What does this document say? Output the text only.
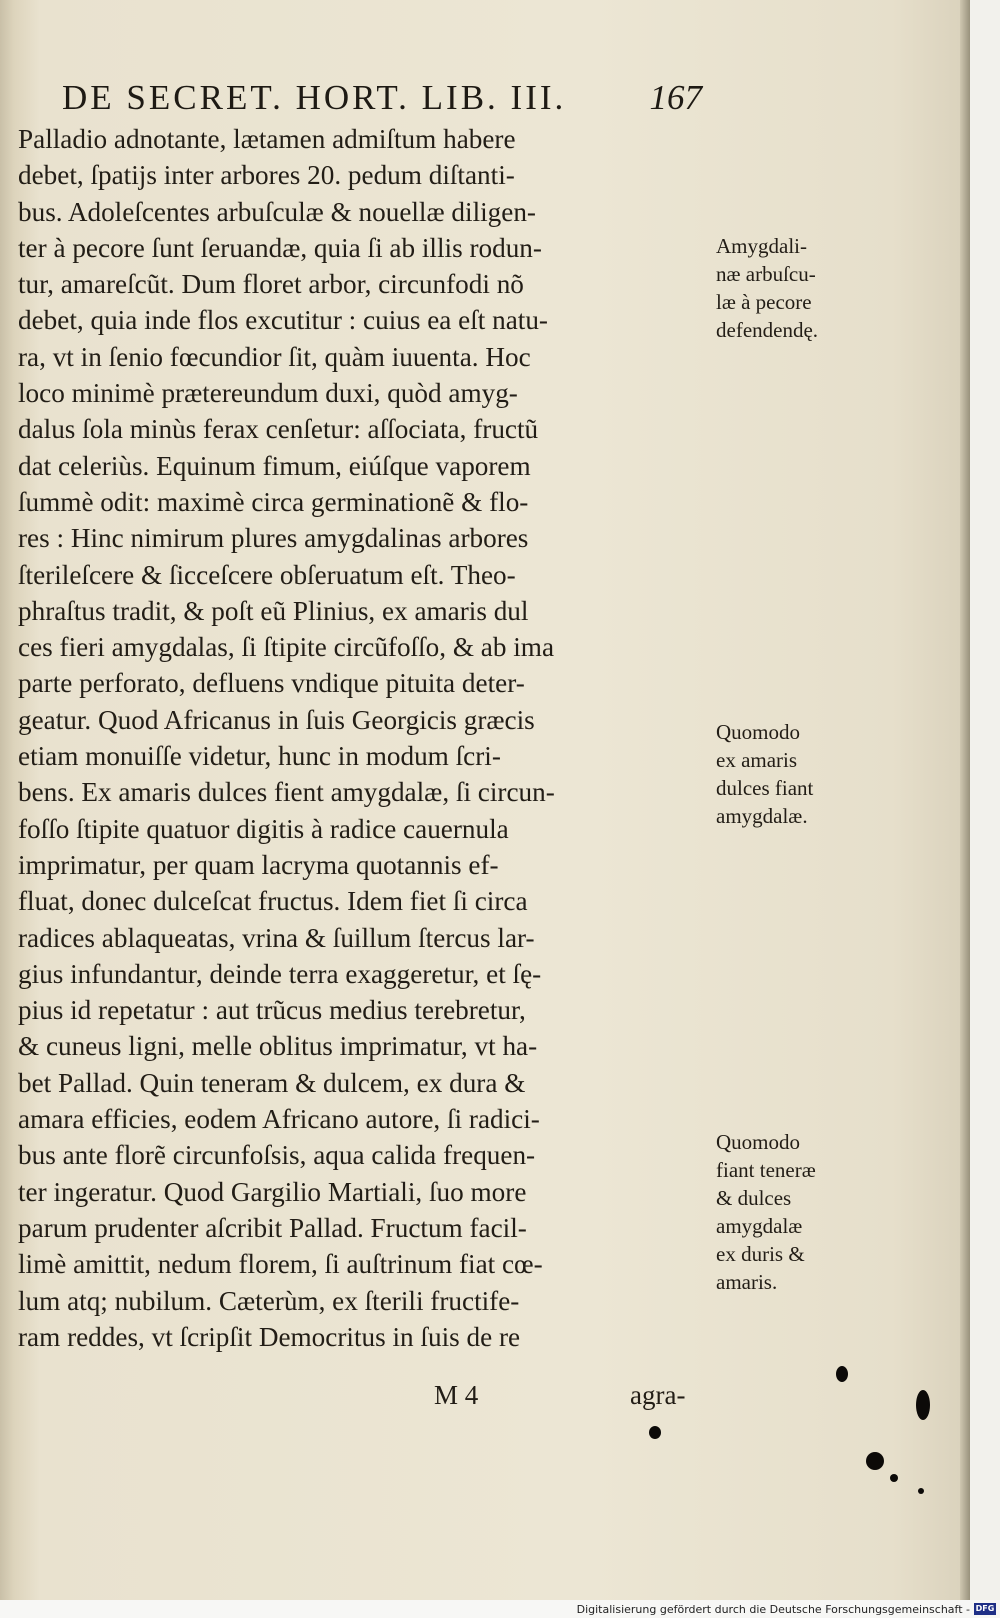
DE SECRET. HORT. LIB. III. 167
Palladio adnotante, lætamen admiſtum habere
debet, ſpatijs inter arbores 20. pedum diſtanti-
bus. Adoleſcentes arbuſculæ & nouellæ diligen-
ter à pecore ſunt ſeruandæ, quia ſi ab illis rodun-
tur, amareſcũt. Dum floret arbor, circunfodi nõ
debet, quia inde flos excutitur : cuius ea eſt natu-
ra, vt in ſenio fœcundior ſit, quàm iuuenta. Hoc
loco minimè prætereundum duxi, quòd amyg-
dalus ſola minùs ferax cenſetur: aſſociata, fructũ
dat celeriùs. Equinum fimum, eiúſque vaporem
ſummè odit: maximè circa germinationẽ & flo-
res : Hinc nimirum plures amygdalinas arbores
ſterileſcere & ſicceſcere obſeruatum eſt. Theo-
phraſtus tradit, & poſt eũ Plinius, ex amaris dul
ces fieri amygdalas, ſi ſtipite circũfoſſo, & ab ima
parte perforato, defluens vndique pituita deter-
geatur. Quod Africanus in ſuis Georgicis græcis
etiam monuiſſe videtur, hunc in modum ſcri-
bens. Ex amaris dulces fient amygdalæ, ſi circun-
foſſo ſtipite quatuor digitis à radice cauernula
imprimatur, per quam lacryma quotannis ef-
fluat, donec dulceſcat fructus. Idem fiet ſi circa
radices ablaqueatas, vrina & ſuillum ſtercus lar-
gius infundantur, deinde terra exaggeretur, et ſę-
pius id repetatur : aut trũcus medius terebretur,
& cuneus ligni, melle oblitus imprimatur, vt ha-
bet Pallad. Quin teneram & dulcem, ex dura &
amara efficies, eodem Africano autore, ſi radici-
bus ante florẽ circunfoſsis, aqua calida frequen-
ter ingeratur. Quod Gargilio Martiali, ſuo more
parum prudenter aſcribit Pallad. Fructum facil-
limè amittit, nedum florem, ſi auſtrinum fiat cœ-
lum atq; nubilum. Cæterùm, ex ſterili fructife-
ram reddes, vt ſcripſit Democritus in ſuis de re
Amygdali-
næ arbuſcu-
læ à pecore
defendendę.
Quomodo
ex amaris
dulces fiant
amygdalæ.
Quomodo
fiant teneræ
& dulces
amygdalæ
ex duris &
amaris.
M 4	agra-
Digitalisierung gefördert durch die Deutsche Forschungsgemeinschaft - DFG
